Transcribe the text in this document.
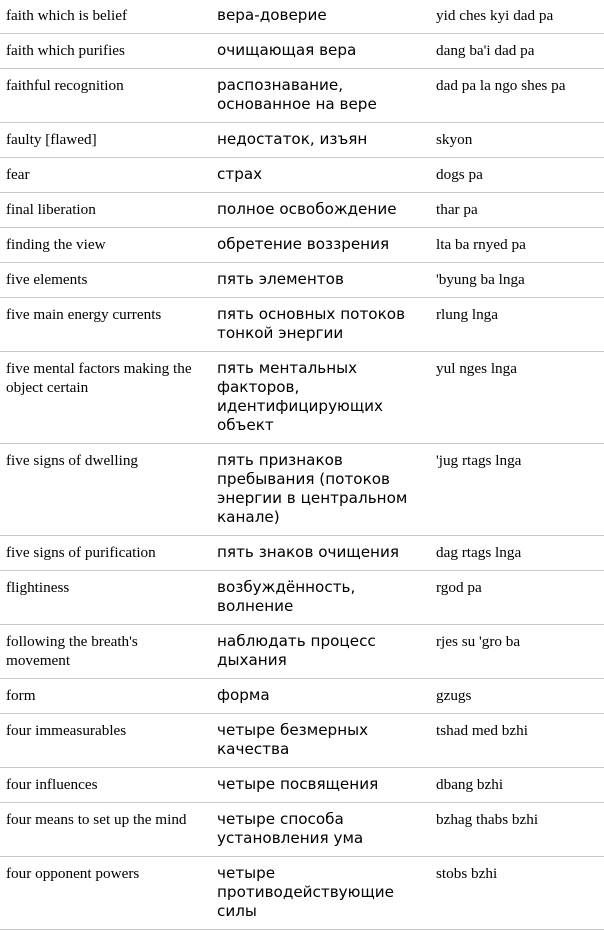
faith which is belief	вера-доверие	yid ches kyi dad pa
faith which purifies	очищающая вера	dang ba'i dad pa
faithful recognition	распознавание, основанное на вере	dad pa la ngo shes pa
faulty [flawed]	недостаток, изъян	skyon
fear	страх	dogs pa
final liberation	полное освобождение	thar pa
finding the view	обретение воззрения	lta ba rnyed pa
five elements	пять элементов	'byung ba lnga
five main energy currents	пять основных потоков тонкой энергии	rlung lnga
five mental factors making the object certain	пять ментальных факторов, идентифицирующих объект	yul nges lnga
five signs of dwelling	пять признаков пребывания (потоков энергии в центральном канале)	'jug rtags lnga
five signs of purification	пять знаков очищения	dag rtags lnga
flightiness	возбуждённость, волнение	rgod pa
following the breath's movement	наблюдать процесс дыхания	rjes su 'gro ba
form	форма	gzugs
four immeasurables	четыре безмерных качества	tshad med bzhi
four influences	четыре посвящения	dbang bzhi
four means to set up the mind	четыре способа установления ума	bzhag thabs bzhi
four opponent powers	четыре противодействующие силы	stobs bzhi
